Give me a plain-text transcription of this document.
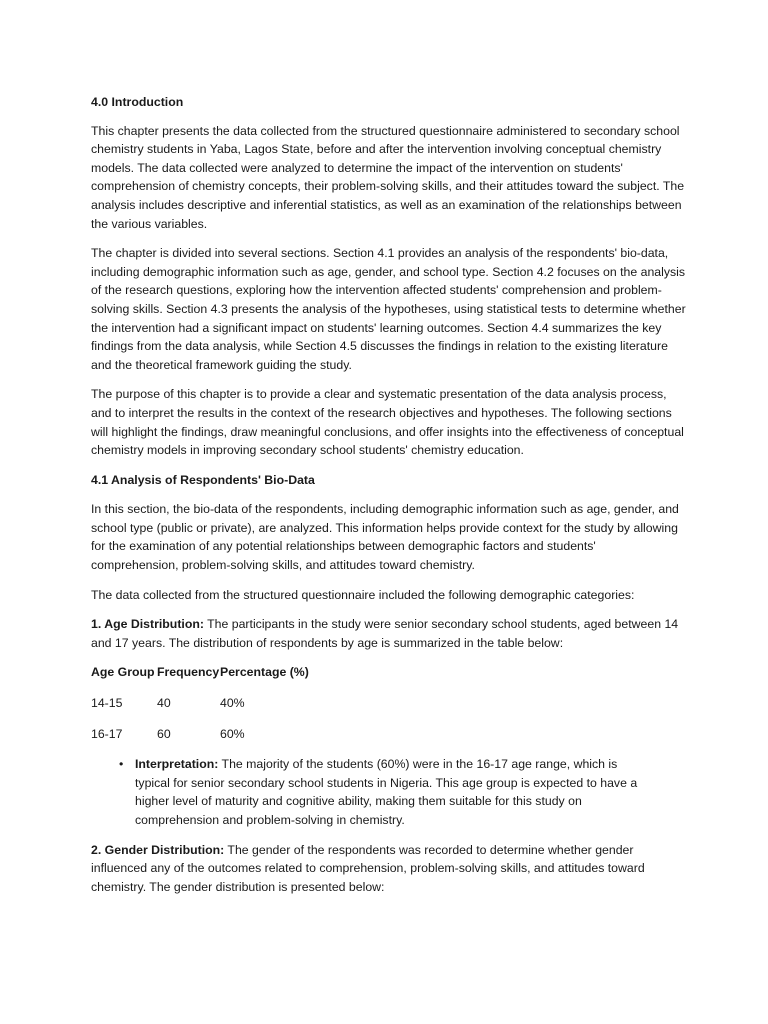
4.0 Introduction

This chapter presents the data collected from the structured questionnaire administered to secondary school chemistry students in Yaba, Lagos State, before and after the intervention involving conceptual chemistry models. The data collected were analyzed to determine the impact of the intervention on students' comprehension of chemistry concepts, their problem-solving skills, and their attitudes toward the subject. The analysis includes descriptive and inferential statistics, as well as an examination of the relationships between the various variables.

The chapter is divided into several sections. Section 4.1 provides an analysis of the respondents' bio-data, including demographic information such as age, gender, and school type. Section 4.2 focuses on the analysis of the research questions, exploring how the intervention affected students' comprehension and problem-solving skills. Section 4.3 presents the analysis of the hypotheses, using statistical tests to determine whether the intervention had a significant impact on students' learning outcomes. Section 4.4 summarizes the key findings from the data analysis, while Section 4.5 discusses the findings in relation to the existing literature and the theoretical framework guiding the study.

The purpose of this chapter is to provide a clear and systematic presentation of the data analysis process, and to interpret the results in the context of the research objectives and hypotheses. The following sections will highlight the findings, draw meaningful conclusions, and offer insights into the effectiveness of conceptual chemistry models in improving secondary school students' chemistry education.

4.1 Analysis of Respondents' Bio-Data

In this section, the bio-data of the respondents, including demographic information such as age, gender, and school type (public or private), are analyzed. This information helps provide context for the study by allowing for the examination of any potential relationships between demographic factors and students' comprehension, problem-solving skills, and attitudes toward chemistry.

The data collected from the structured questionnaire included the following demographic categories:

1. Age Distribution: The participants in the study were senior secondary school students, aged between 14 and 17 years. The distribution of respondents by age is summarized in the table below:

Age Group Frequency Percentage (%)
14-15	40	40%
16-17	60	60%
• Interpretation: The majority of the students (60%) were in the 16-17 age range, which is typical for senior secondary school students in Nigeria. This age group is expected to have a higher level of maturity and cognitive ability, making them suitable for this study on comprehension and problem-solving in chemistry.

2. Gender Distribution: The gender of the respondents was recorded to determine whether gender influenced any of the outcomes related to comprehension, problem-solving skills, and attitudes toward chemistry. The gender distribution is presented below:
